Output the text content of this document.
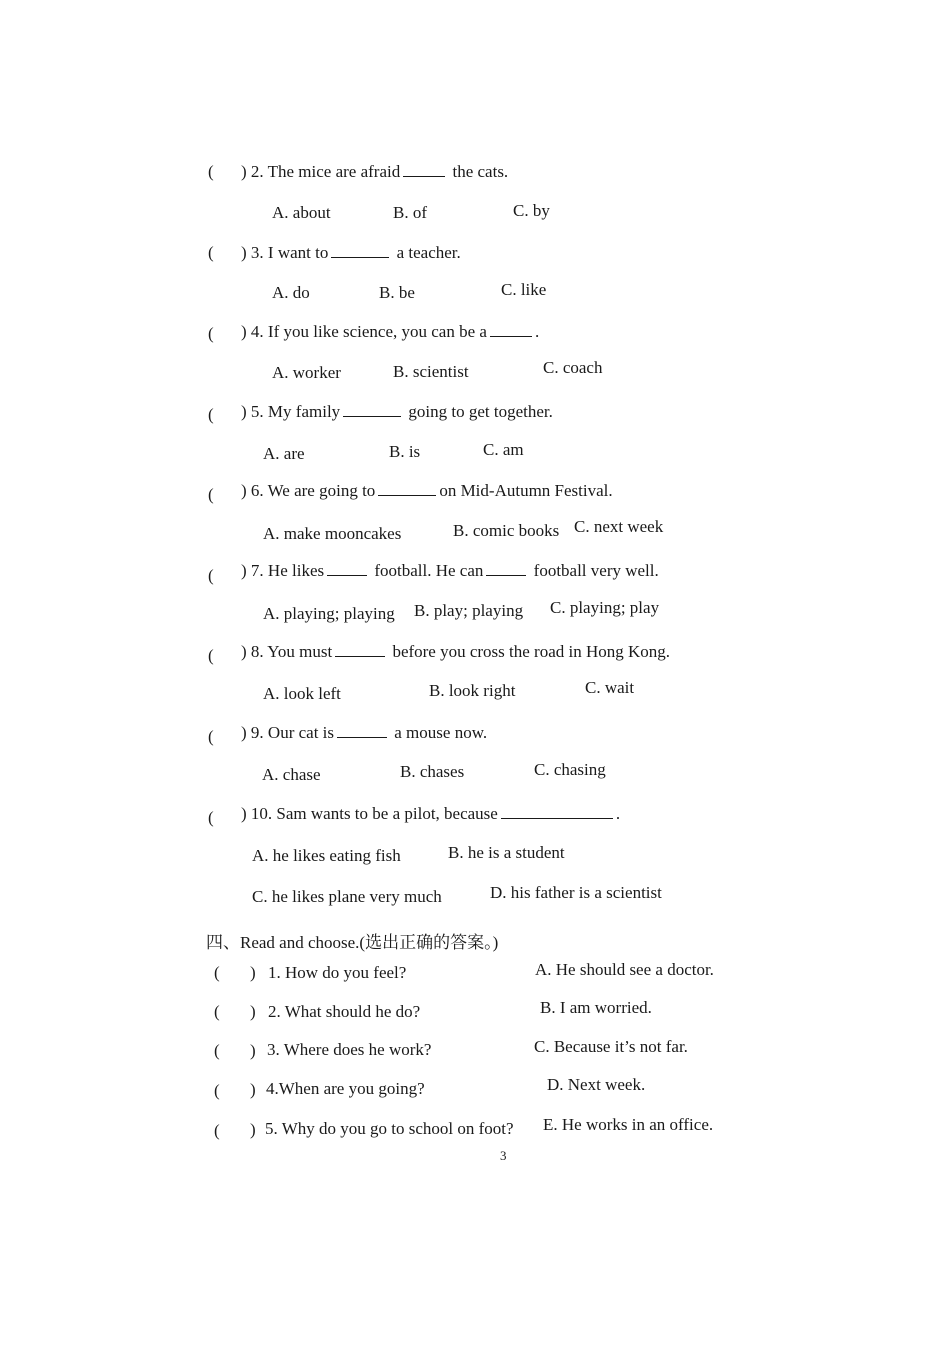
( ) 2. The mice are afraid	the cats.
A. about	B. of	C. by
( ) 3. I want to	a teacher.
A. do	B. be	C. like
( ) 4. If you like science, you can be a	.
A. worker	B. scientist	C. coach
( ) 5. My family	going to get together.
A. are	B. is	C. am
( ) 6. We are going to	on Mid-Autumn Festival.
A. make mooncakes	B. comic books C. next week
( ) 7. He likes	football. He can	football very well.
A. playing; playing B. play; playing C. playing; play
( ) 8. You must	before you cross the road in Hong Kong.
A. look left	B. look right	C. wait
( ) 9. Our cat is	a mouse now.
A. chase	B. chases	C. chasing
( ) 10. Sam wants to be a pilot, because	.
A. he likes eating fish	B. he is a student
C. he likes plane very much	D. his father is a scientist
四、Read and choose.(选出正确的答案。)
( ) 1. How do you feel?	A. He should see a doctor.
( ) 2. What should he do?	B. I am worried.
( ) 3. Where does he work?	C. Because it’s not far.
( ) 4.When are you going?	D. Next week.
( ) 5. Why do you go to school on foot? E. He works in an office.
3
